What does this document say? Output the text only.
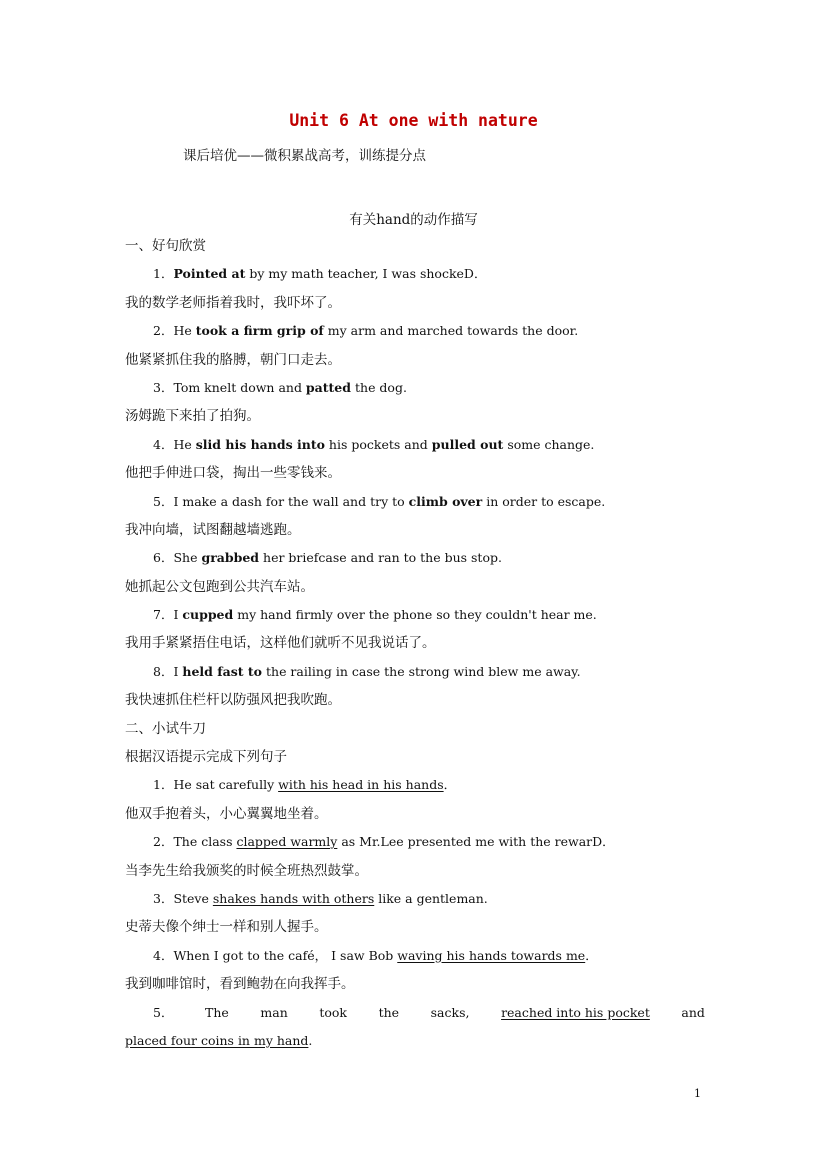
Unit 6 At one with nature
课后培优——微积累战高考，训练提分点
有关hand的动作描写
一、好句欣赏
1．Pointed at by my math teacher, I was shockeD．
我的数学老师指着我时，我吓坏了。
2．He took a firm grip of my arm and marched towards the door.
他紧紧抓住我的胳膊，朝门口走去。
3．Tom knelt down and patted the dog.
汤姆跪下来拍了拍狗。
4．He slid his hands into his pockets and pulled out some change.
他把手伸进口袋，掏出一些零钱来。
5．I make a dash for the wall and try to climb over in order to escape.
我冲向墙，试图翻越墙逃跑。
6．She grabbed her briefcase and ran to the bus stop.
她抓起公文包跑到公共汽车站。
7．I cupped my hand firmly over the phone so they couldn't hear me.
我用手紧紧捂住电话，这样他们就听不见我说话了。
8．I held fast to the railing in case the strong wind blew me away.
我快速抓住栏杆以防强风把我吹跑。
二、小试牛刀
根据汉语提示完成下列句子
1．He sat carefully with his head in his hands．
他双手抱着头，小心翼翼地坐着。
2．The class clapped warmly as Mr.Lee presented me with the rewarD．
当李先生给我颁奖的时候全班热烈鼓掌。
3．Steve shakes hands with others like a gentleman.
史蒂夫像个绅士一样和别人握手。
4．When I got to the café， I saw Bob waving his hands towards me．
我到咖啡馆时，看到鲍勃在向我挥手。
5．	The	man	took	the	sacks,	reached into his pocket	and
placed four coins in my hand.
1
